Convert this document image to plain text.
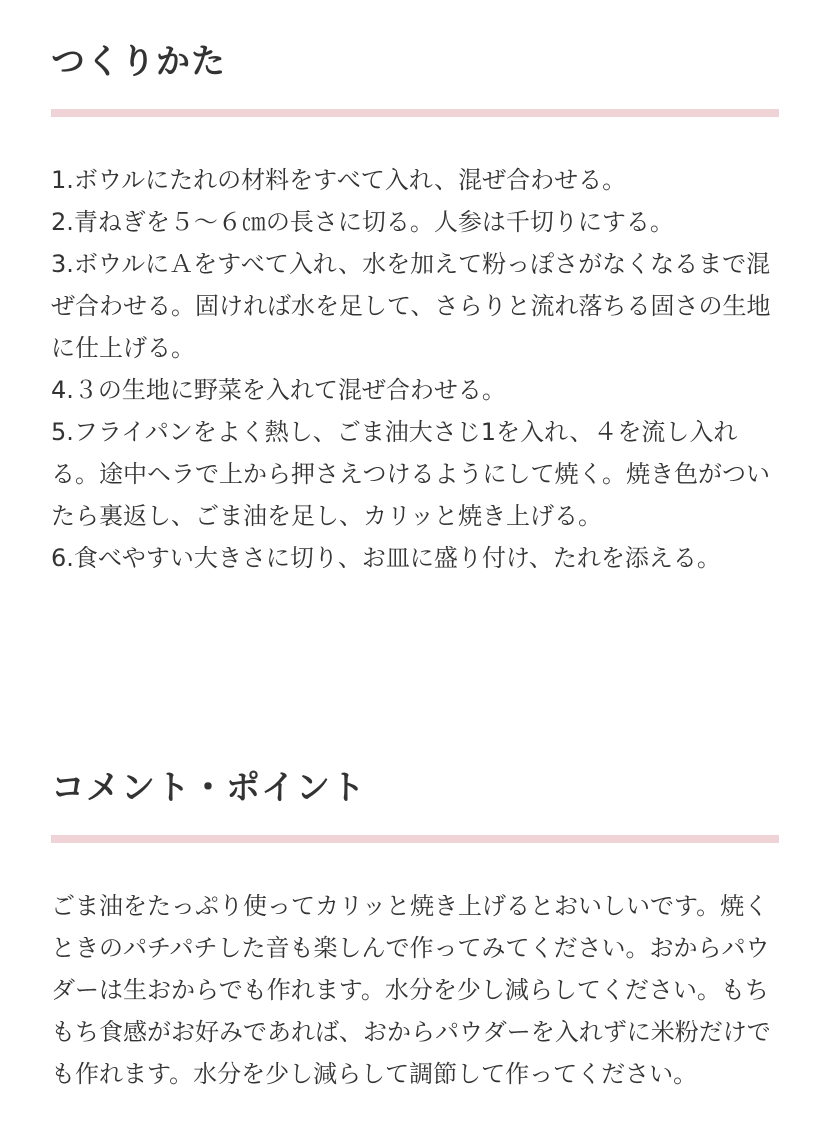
つくりかた
1.ボウルにたれの材料をすべて入れ、混ぜ合わせる。
2.青ねぎを５～６㎝の長さに切る。人参は千切りにする。
3.ボウルにＡをすべて入れ、水を加えて粉っぽさがなくなるまで混ぜ合わせる。固ければ水を足して、さらりと流れ落ちる固さの生地に仕上げる。
4.３の生地に野菜を入れて混ぜ合わせる。
5.フライパンをよく熱し、ごま油大さじ1を入れ、４を流し入れる。途中ヘラで上から押さえつけるようにして焼く。焼き色がついたら裏返し、ごま油を足し、カリッと焼き上げる。
6.食べやすい大きさに切り、お皿に盛り付け、たれを添える。
コメント・ポイント

ごま油をたっぷり使ってカリッと焼き上げるとおいしいです。焼くときのパチパチした音も楽しんで作ってみてください。おからパウダーは生おからでも作れます。水分を少し減らしてください。もちもち食感がお好みであれば、おからパウダーを入れずに米粉だけでも作れます。水分を少し減らして調節して作ってください。
